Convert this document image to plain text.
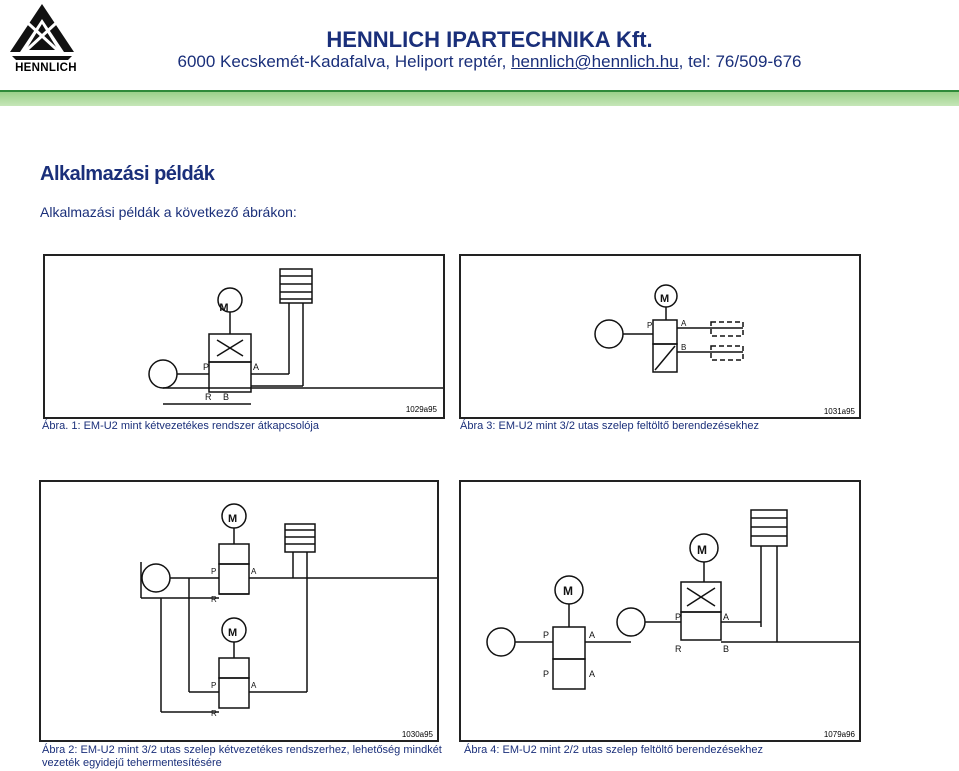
HENNLICH
HENNLICH IPARTECHNIKA Kft.
6000 Kecskemét-Kadafalva, Heliport reptér, hennlich@hennlich.hu, tel: 76/509-676
Alkalmazási példák
Alkalmazási példák a következő ábrákon:
M
P	A
R B
1029a95
Ábra. 1: EM-U2 mint kétvezetékes rendszer átkapcsolója
M
P	A
B
1031a95
Ábra 3: EM-U2 mint 3/2 utas szelep feltöltő berendezésekhez
M
M
P	A
R
P	A
R
1030a95
Ábra 2: EM-U2 mint 3/2 utas szelep kétvezetékes rendszerhez, lehetőség mindkét
vezeték egyidejű tehermentesítésére
M
M
P	A
R	B
P	A
P	A
1079a96
Ábra 4: EM-U2 mint 2/2 utas szelep feltöltő berendezésekhez
